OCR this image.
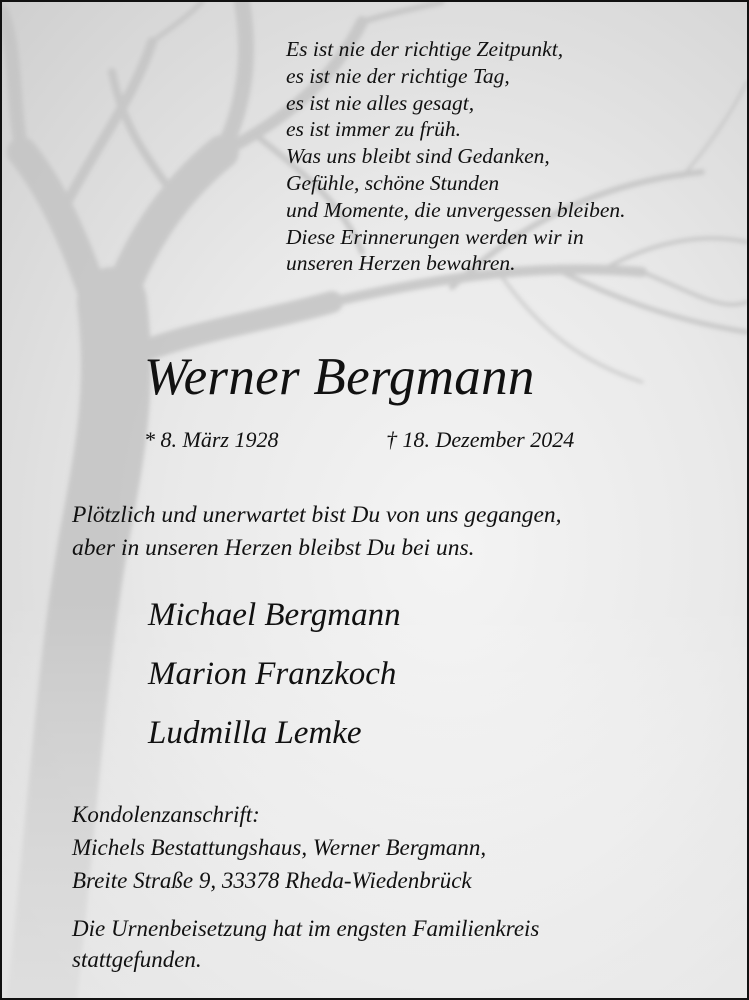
Es ist nie der richtige Zeitpunkt,
es ist nie der richtige Tag,
es ist nie alles gesagt,
es ist immer zu früh.
Was uns bleibt sind Gedanken,
Gefühle, schöne Stunden
und Momente, die unvergessen bleiben.
Diese Erinnerungen werden wir in
unseren Herzen bewahren.
Werner Bergmann
* 8. März 1928	† 18. Dezember 2024
Plötzlich und unerwartet bist Du von uns gegangen,
aber in unseren Herzen bleibst Du bei uns.
Michael Bergmann
Marion Franzkoch
Ludmilla Lemke
Kondolenzanschrift:
Michels Bestattungshaus, Werner Bergmann,
Breite Straße 9, 33378 Rheda-Wiedenbrück
Die Urnenbeisetzung hat im engsten Familienkreis
stattgefunden.
